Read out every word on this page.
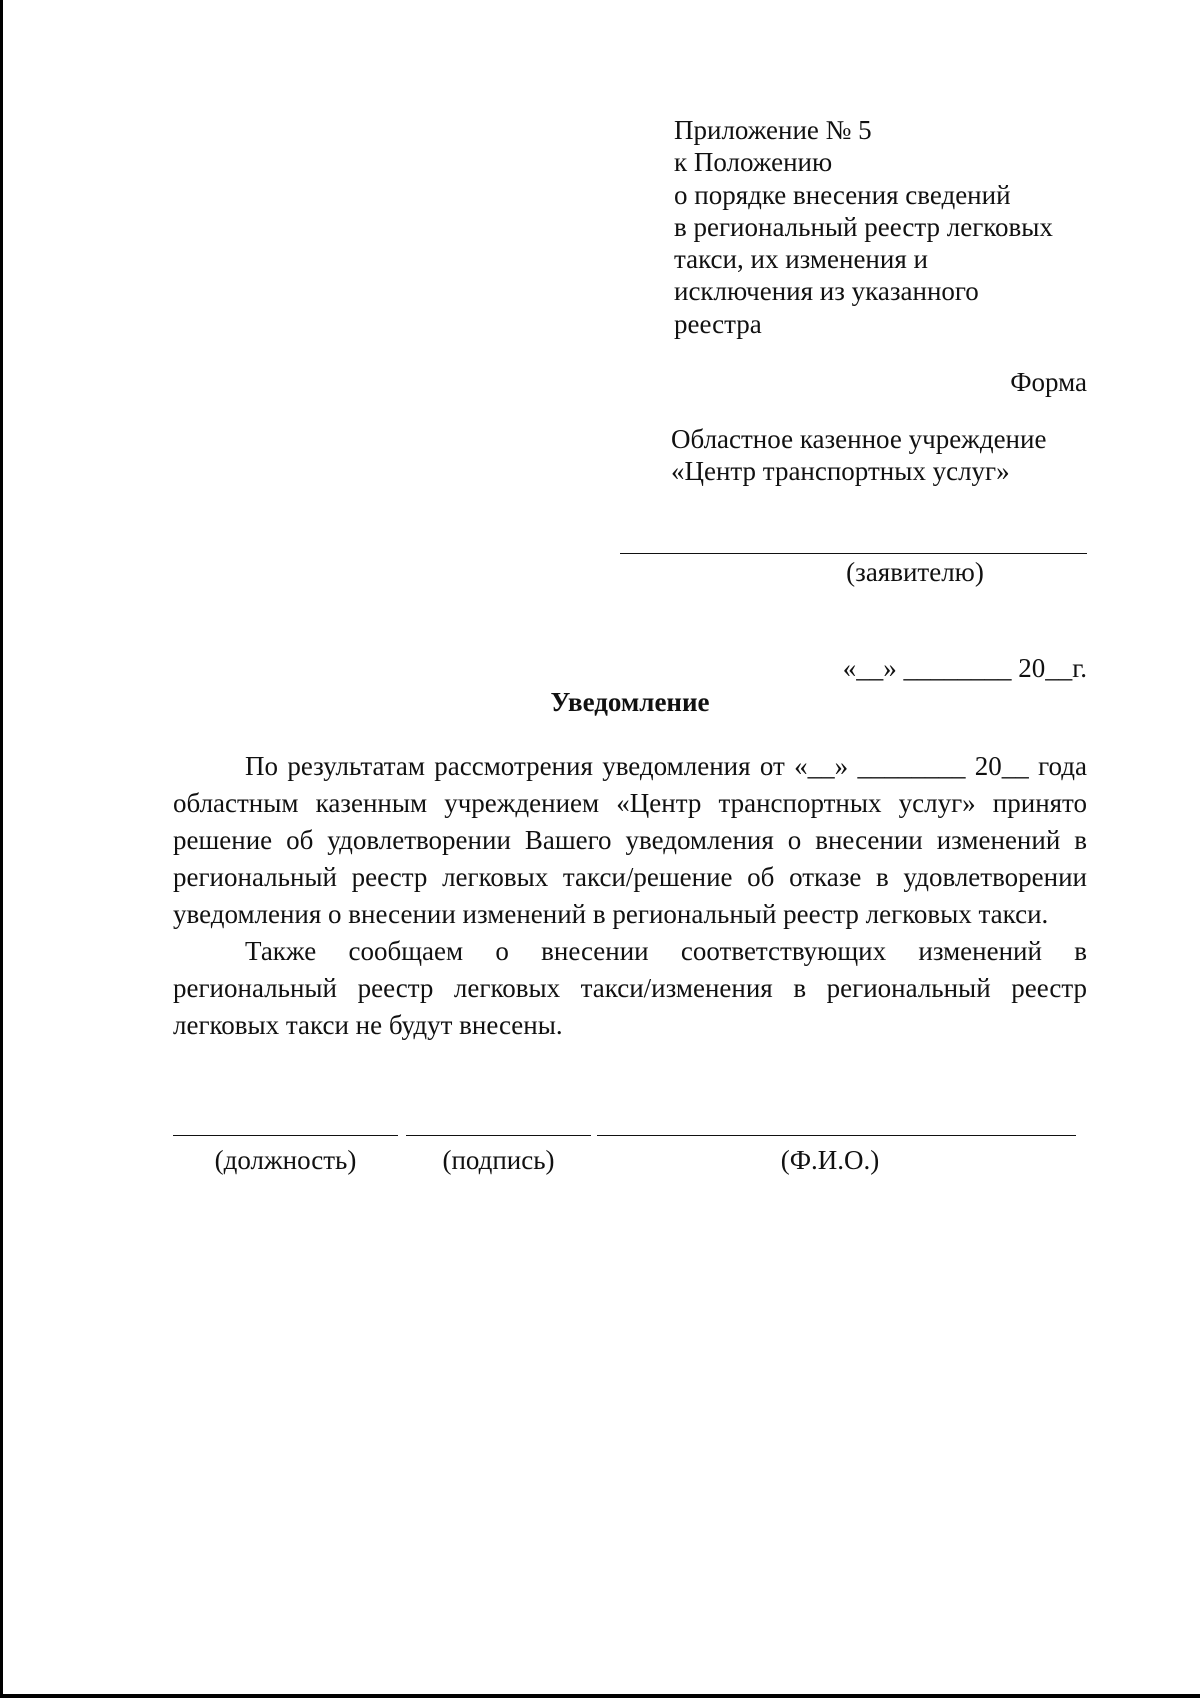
Приложение № 5
к Положению
о порядке внесения сведений
в региональный реестр легковых
такси, их изменения и
исключения из указанного
реестра
Форма
Областное казенное учреждение
«Центр транспортных услуг»
(заявителю)
«__» ________ 20__г.
Уведомление

По результатам рассмотрения уведомления от «__» ________ 20__ года областным казенным учреждением «Центр транспортных услуг» принято решение об удовлетворении Вашего уведомления о внесении изменений в региональный реестр легковых такси/решение об отказе в удовлетворении уведомления о внесении изменений в региональный реестр легковых такси.

Также сообщаем о внесении соответствующих изменений в региональный реестр легковых такси/изменения в региональный реестр легковых такси не будут внесены.

(должность)	(подпись)	(Ф.И.О.)
